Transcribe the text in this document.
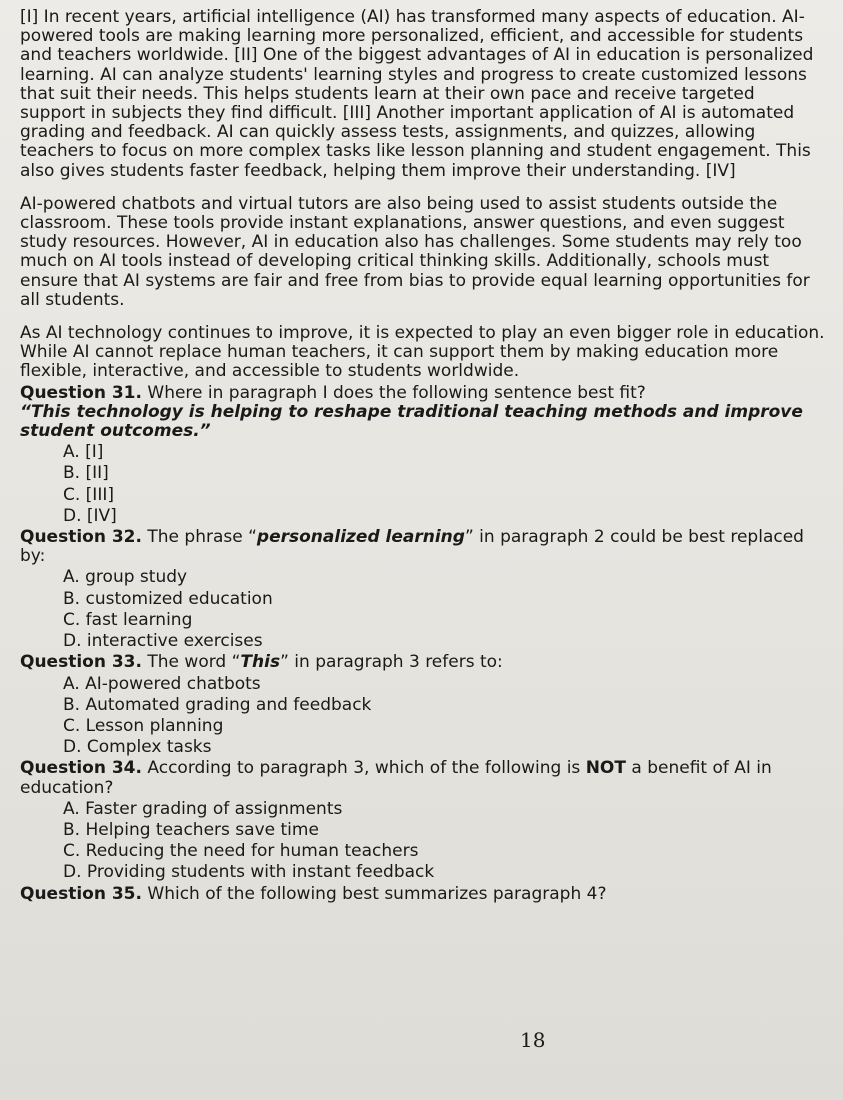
[I] In recent years, artificial intelligence (AI) has transformed many aspects of education. AI-powered tools are making learning more personalized, efficient, and accessible for students and teachers worldwide. [II] One of the biggest advantages of AI in education is personalized learning. AI can analyze students' learning styles and progress to create customized lessons that suit their needs. This helps students learn at their own pace and receive targeted support in subjects they find difficult. [III] Another important application of AI is automated grading and feedback. AI can quickly assess tests, assignments, and quizzes, allowing teachers to focus on more complex tasks like lesson planning and student engagement. This also gives students faster feedback, helping them improve their understanding. [IV]

AI-powered chatbots and virtual tutors are also being used to assist students outside the classroom. These tools provide instant explanations, answer questions, and even suggest study resources. However, AI in education also has challenges. Some students may rely too much on AI tools instead of developing critical thinking skills. Additionally, schools must ensure that AI systems are fair and free from bias to provide equal learning opportunities for all students.

As AI technology continues to improve, it is expected to play an even bigger role in education. While AI cannot replace human teachers, it can support them by making education more flexible, interactive, and accessible to students worldwide.

Question 31. Where in paragraph I does the following sentence best fit?

“This technology is helping to reshape traditional teaching methods and improve student outcomes.”

A. [I]

B. [II]

C. [III]

D. [IV]

Question 32. The phrase “personalized learning” in paragraph 2 could be best replaced by:

A. group study

B. customized education

C. fast learning

D. interactive exercises

Question 33. The word “This” in paragraph 3 refers to:

A. AI-powered chatbots

B. Automated grading and feedback

C. Lesson planning

D. Complex tasks

Question 34. According to paragraph 3, which of the following is NOT a benefit of AI in education?

A. Faster grading of assignments

B. Helping teachers save time

C. Reducing the need for human teachers

D. Providing students with instant feedback

Question 35. Which of the following best summarizes paragraph 4?

18
